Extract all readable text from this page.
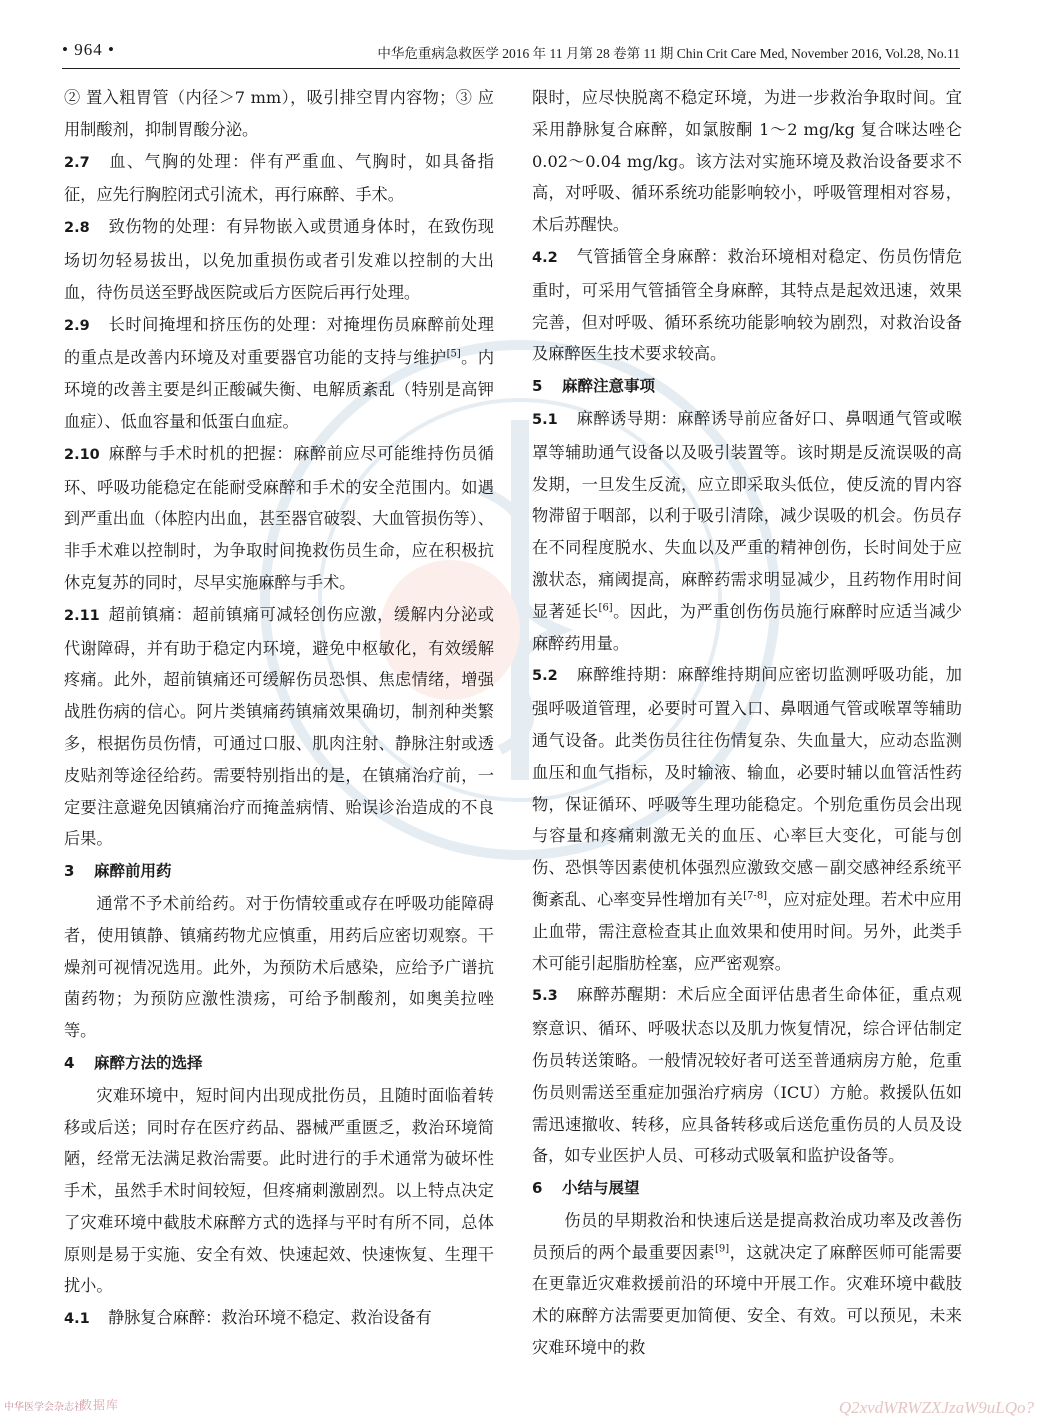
• 964 •	中华危重病急救医学 2016 年 11 月第 28 卷第 11 期 Chin Crit Care Med, November 2016, Vol.28, No.11

② 置入粗胃管（内径＞7 mm），吸引排空胃内容物；③ 应用制酸剂，抑制胃酸分泌。

2.7 血、气胸的处理：伴有严重血、气胸时，如具备指征，应先行胸腔闭式引流术，再行麻醉、手术。

2.8 致伤物的处理：有异物嵌入或贯通身体时，在致伤现场切勿轻易拔出，以免加重损伤或者引发难以控制的大出血，待伤员送至野战医院或后方医院后再行处理。

2.9 长时间掩埋和挤压伤的处理：对掩埋伤员麻醉前处理的重点是改善内环境及对重要器官功能的支持与维护[5]。内环境的改善主要是纠正酸碱失衡、电解质紊乱（特别是高钾血症）、低血容量和低蛋白血症。

2.10 麻醉与手术时机的把握：麻醉前应尽可能维持伤员循环、呼吸功能稳定在能耐受麻醉和手术的安全范围内。如遇到严重出血（体腔内出血，甚至器官破裂、大血管损伤等）、非手术难以控制时，为争取时间挽救伤员生命，应在积极抗休克复苏的同时，尽早实施麻醉与手术。

2.11 超前镇痛：超前镇痛可减轻创伤应激，缓解内分泌或代谢障碍，并有助于稳定内环境，避免中枢敏化，有效缓解疼痛。此外，超前镇痛还可缓解伤员恐惧、焦虑情绪，增强战胜伤病的信心。阿片类镇痛药镇痛效果确切，制剂种类繁多，根据伤员伤情，可通过口服、肌肉注射、静脉注射或透皮贴剂等途径给药。需要特别指出的是，在镇痛治疗前，一定要注意避免因镇痛治疗而掩盖病情、贻误诊治造成的不良后果。

3 麻醉前用药

通常不予术前给药。对于伤情较重或存在呼吸功能障碍者，使用镇静、镇痛药物尤应慎重，用药后应密切观察。干燥剂可视情况选用。此外，为预防术后感染，应给予广谱抗菌药物；为预防应激性溃疡，可给予制酸剂，如奥美拉唑等。

4 麻醉方法的选择

灾难环境中，短时间内出现成批伤员，且随时面临着转移或后送；同时存在医疗药品、器械严重匮乏，救治环境简陋，经常无法满足救治需要。此时进行的手术通常为破坏性手术，虽然手术时间较短，但疼痛刺激剧烈。以上特点决定了灾难环境中截肢术麻醉方式的选择与平时有所不同，总体原则是易于实施、安全有效、快速起效、快速恢复、生理干扰小。

4.1 静脉复合麻醉：救治环境不稳定、救治设备有

限时，应尽快脱离不稳定环境，为进一步救治争取时间。宜采用静脉复合麻醉，如氯胺酮 1～2 mg/kg 复合咪达唑仑 0.02～0.04 mg/kg。该方法对实施环境及救治设备要求不高，对呼吸、循环系统功能影响较小，呼吸管理相对容易，术后苏醒快。

4.2 气管插管全身麻醉：救治环境相对稳定、伤员伤情危重时，可采用气管插管全身麻醉，其特点是起效迅速，效果完善，但对呼吸、循环系统功能影响较为剧烈，对救治设备及麻醉医生技术要求较高。

5 麻醉注意事项

5.1 麻醉诱导期：麻醉诱导前应备好口、鼻咽通气管或喉罩等辅助通气设备以及吸引装置等。该时期是反流误吸的高发期，一旦发生反流，应立即采取头低位，使反流的胃内容物滞留于咽部，以利于吸引清除，减少误吸的机会。伤员存在不同程度脱水、失血以及严重的精神创伤，长时间处于应激状态，痛阈提高，麻醉药需求明显减少，且药物作用时间显著延长[6]。因此，为严重创伤伤员施行麻醉时应适当减少麻醉药用量。

5.2 麻醉维持期：麻醉维持期间应密切监测呼吸功能，加强呼吸道管理，必要时可置入口、鼻咽通气管或喉罩等辅助通气设备。此类伤员往往伤情复杂、失血量大，应动态监测血压和血气指标，及时输液、输血，必要时辅以血管活性药物，保证循环、呼吸等生理功能稳定。个别危重伤员会出现与容量和疼痛刺激无关的血压、心率巨大变化，可能与创伤、恐惧等因素使机体强烈应激致交感－副交感神经系统平衡紊乱、心率变异性增加有关[7-8]，应对症处理。若术中应用止血带，需注意检查其止血效果和使用时间。另外，此类手术可能引起脂肪栓塞，应严密观察。

5.3 麻醉苏醒期：术后应全面评估患者生命体征，重点观察意识、循环、呼吸状态以及肌力恢复情况，综合评估制定伤员转送策略。一般情况较好者可送至普通病房方舱，危重伤员则需送至重症加强治疗病房（ICU）方舱。救援队伍如需迅速撤收、转移，应具备转移或后送危重伤员的人员及设备，如专业医护人员、可移动式吸氧和监护设备等。

6 小结与展望

伤员的早期救治和快速后送是提高救治成功率及改善伤员预后的两个最重要因素[9]，这就决定了麻醉医师可能需要在更靠近灾难救援前沿的环境中开展工作。灾难环境中截肢术的麻醉方法需要更加简便、安全、有效。可以预见，未来灾难环境中的救

中华医学会杂志社
数据库	Q2xvdWRWZXJzaW9uLQo?
